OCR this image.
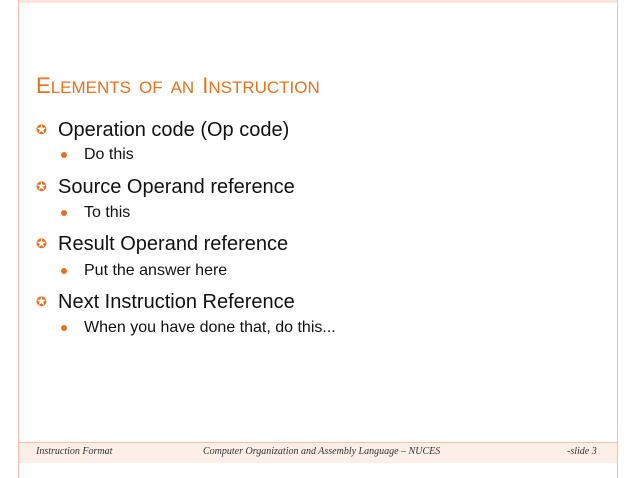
ELEMENTS OF AN INSTRUCTION
✪ Operation code (Op code)
Do this
✪ Source Operand reference
To this
✪ Result Operand reference
Put the answer here
✪ Next Instruction Reference
When you have done that, do this...
Instruction Format	Computer Organization and Assembly Language – NUCES	-slide 3
